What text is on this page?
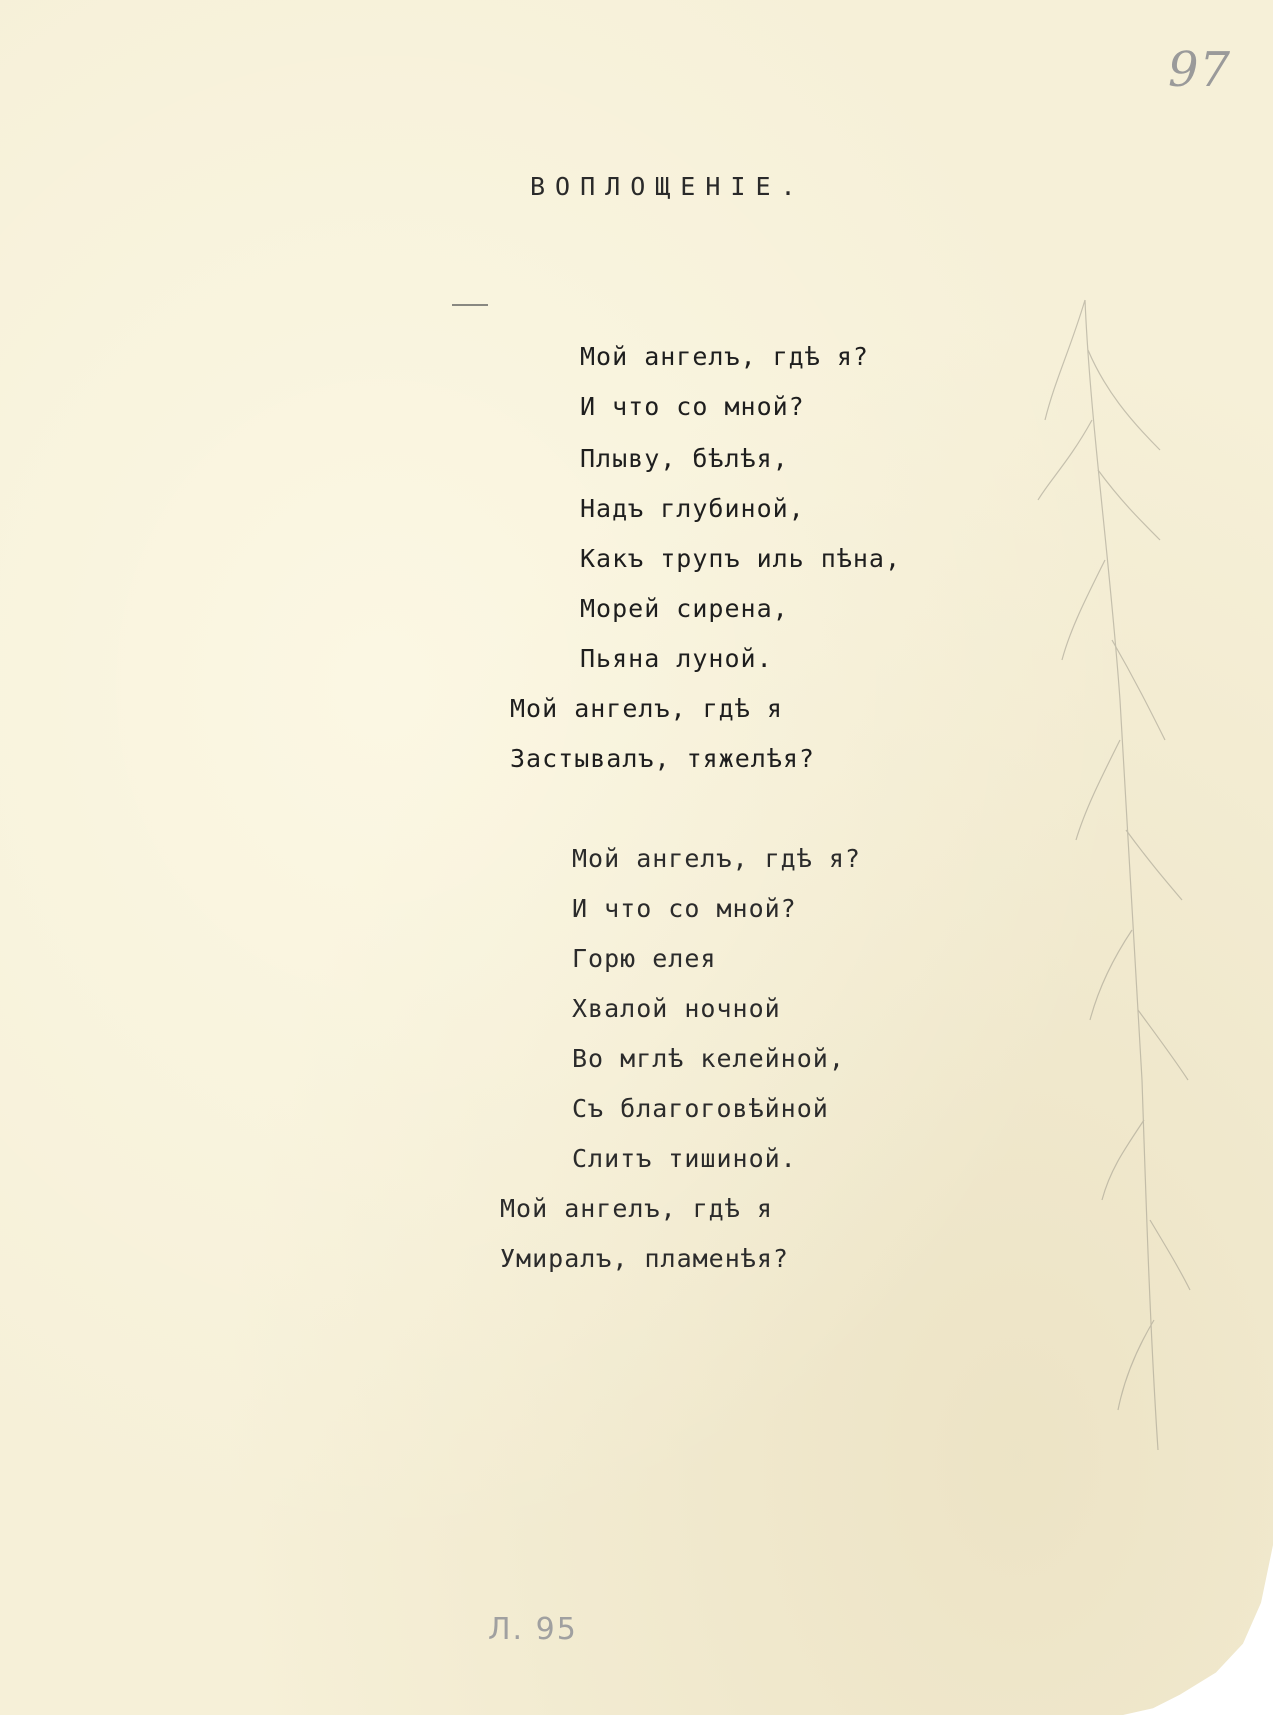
97
ВОПЛОЩЕНIЕ.
Мой ангелъ, гдѣ я?
И что со мной?
Плыву, бѣлѣя,
Надъ глубиной,
Какъ трупъ иль пѣна,
Морей сирена,
Пьяна луной.
Мой ангелъ, гдѣ я
Застывалъ, тяжелѣя?
Мой ангелъ, гдѣ я?
И что со мной?
Горю елея
Хвалой ночной
Во мглѣ келейной,
Съ благоговѣйной
Слитъ тишиной.
Мой ангелъ, гдѣ я
Умиралъ, пламенѣя?
Л. 95
